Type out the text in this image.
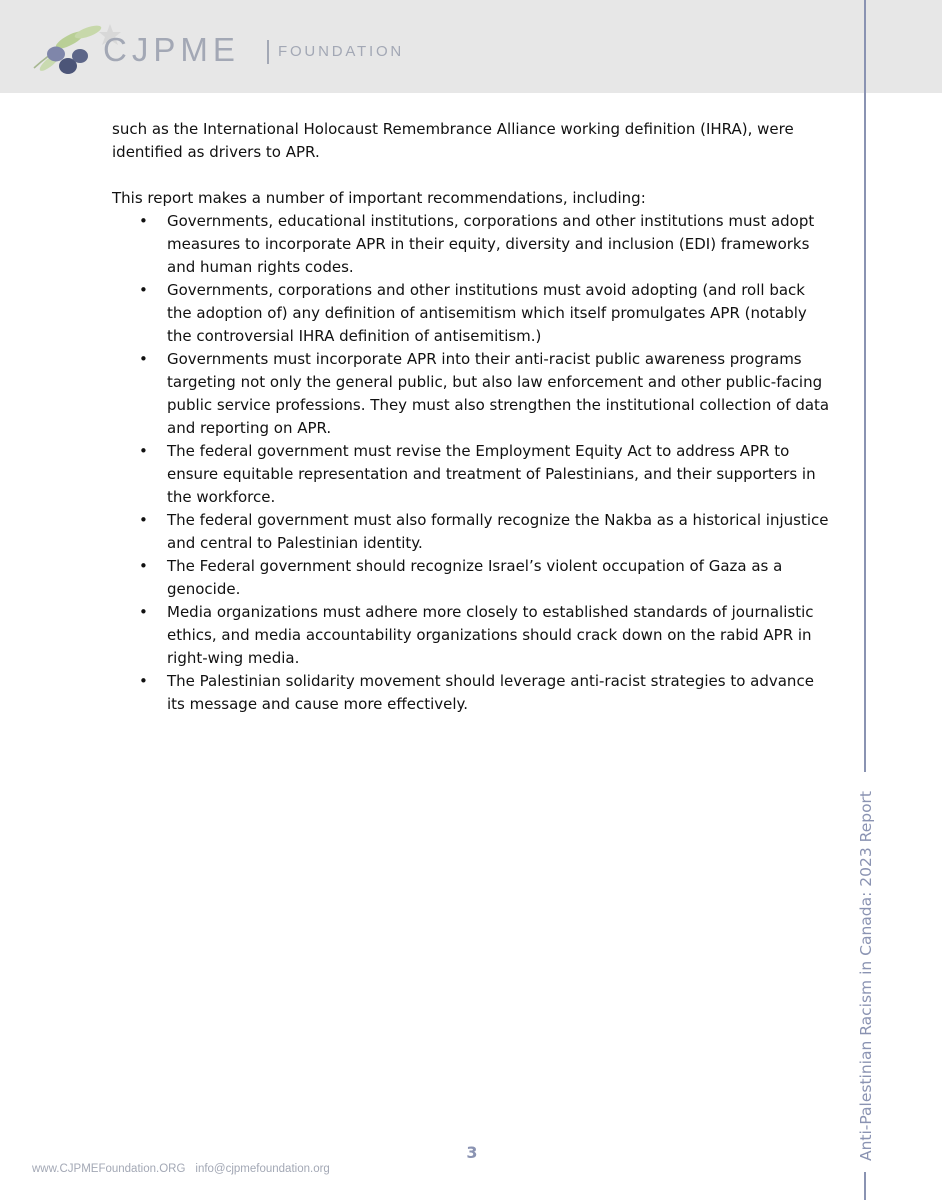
CJPME	FOUNDATION
Anti-Palestinian Racism in Canada: 2023 Report

such as the International Holocaust Remembrance Alliance working definition (IHRA), were identified as drivers to APR.

This report makes a number of important recommendations, including:

• Governments, educational institutions, corporations and other institutions must adopt measures to incorporate APR in their equity, diversity and inclusion (EDI) frameworks and human rights codes.
• Governments, corporations and other institutions must avoid adopting (and roll back the adoption of) any definition of antisemitism which itself promulgates APR (notably the controversial IHRA definition of antisemitism.)
• Governments must incorporate APR into their anti-racist public awareness programs targeting not only the general public, but also law enforcement and other public-facing public service professions. They must also strengthen the institutional collection of data and reporting on APR.
• The federal government must revise the Employment Equity Act to address APR to ensure equitable representation and treatment of Palestinians, and their supporters in the workforce.
• The federal government must also formally recognize the Nakba as a historical injustice and central to Palestinian identity.
• The Federal government should recognize Israel’s violent occupation of Gaza as a genocide.
• Media organizations must adhere more closely to established standards of journalistic ethics, and media accountability organizations should crack down on the rabid APR in right-wing media.
• The Palestinian solidarity movement should leverage anti-racist strategies to advance its message and cause more effectively.
3
www.CJPMEFoundation.ORG info@cjpmefoundation.org
